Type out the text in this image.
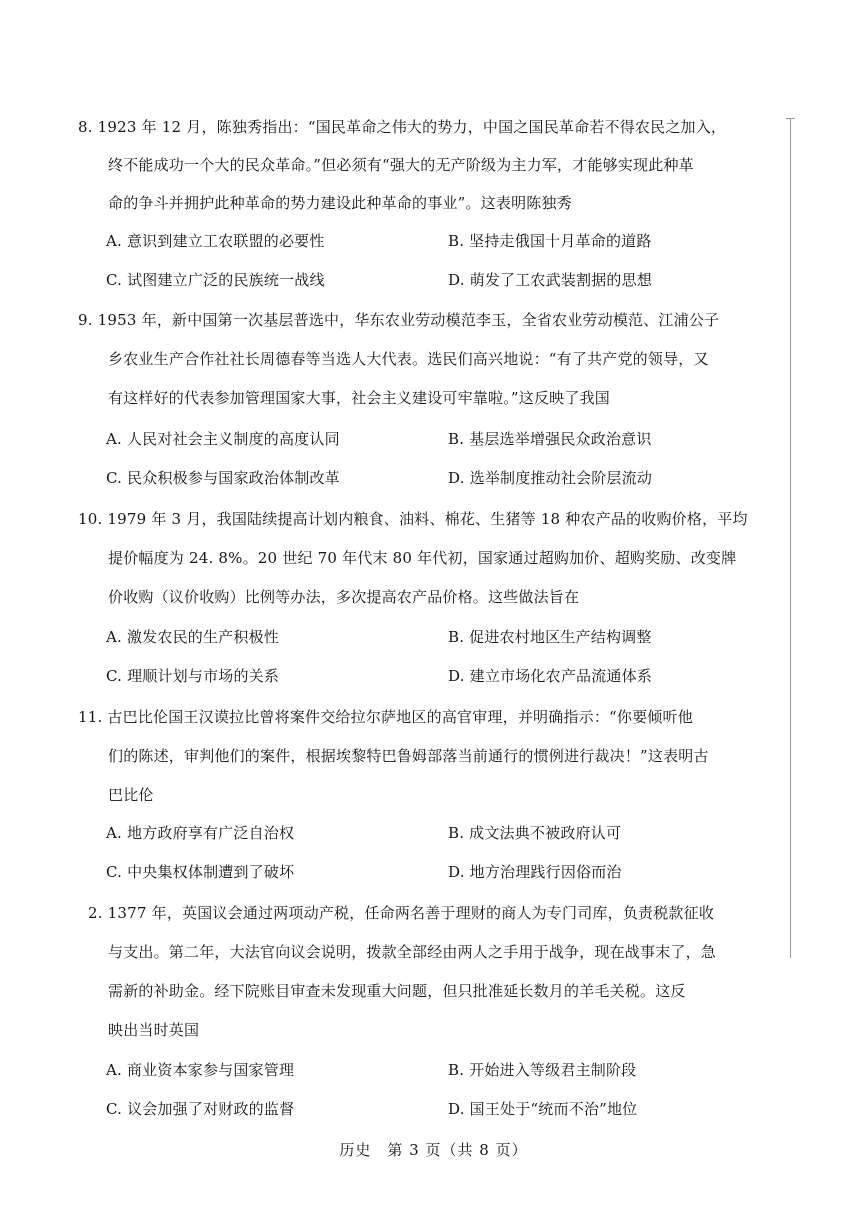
8. 1923 年 12 月，陈独秀指出：“国民革命之伟大的势力，中国之国民革命若不得农民之加入，
终不能成功一个大的民众革命。”但必须有“强大的无产阶级为主力军，才能够实现此种革
命的争斗并拥护此种革命的势力建设此种革命的事业”。这表明陈独秀
A. 意识到建立工农联盟的必要性	B. 坚持走俄国十月革命的道路
C. 试图建立广泛的民族统一战线	D. 萌发了工农武装割据的思想
9. 1953 年，新中国第一次基层普选中，华东农业劳动模范李玉，全省农业劳动模范、江浦公子
乡农业生产合作社社长周德春等当选人大代表。选民们高兴地说：“有了共产党的领导，又
有这样好的代表参加管理国家大事，社会主义建设可牢靠啦。”这反映了我国
A. 人民对社会主义制度的高度认同	B. 基层选举增强民众政治意识
C. 民众积极参与国家政治体制改革	D. 选举制度推动社会阶层流动
10. 1979 年 3 月，我国陆续提高计划内粮食、油料、棉花、生猪等 18 种农产品的收购价格，平均
提价幅度为 24. 8%。20 世纪 70 年代末 80 年代初，国家通过超购加价、超购奖励、改变牌
价收购（议价收购）比例等办法，多次提高农产品价格。这些做法旨在
A. 激发农民的生产积极性	B. 促进农村地区生产结构调整
C. 理顺计划与市场的关系	D. 建立市场化农产品流通体系
11. 古巴比伦国王汉谟拉比曾将案件交给拉尔萨地区的高官审理，并明确指示：“你要倾听他
们的陈述，审判他们的案件，根据埃黎特巴鲁姆部落当前通行的惯例进行裁决！”这表明古
巴比伦
A. 地方政府享有广泛自治权	B. 成文法典不被政府认可
C. 中央集权体制遭到了破坏	D. 地方治理践行因俗而治
2. 1377 年，英国议会通过两项动产税，任命两名善于理财的商人为专门司库，负责税款征收
与支出。第二年，大法官向议会说明，拨款全部经由两人之手用于战争，现在战事末了，急
需新的补助金。经下院账目审查未发现重大问题，但只批准延长数月的羊毛关税。这反
映出当时英国
A. 商业资本家参与国家管理	B. 开始进入等级君主制阶段
C. 议会加强了对财政的监督	D. 国王处于“统而不治”地位
历史　第 3 页（共 8 页）
